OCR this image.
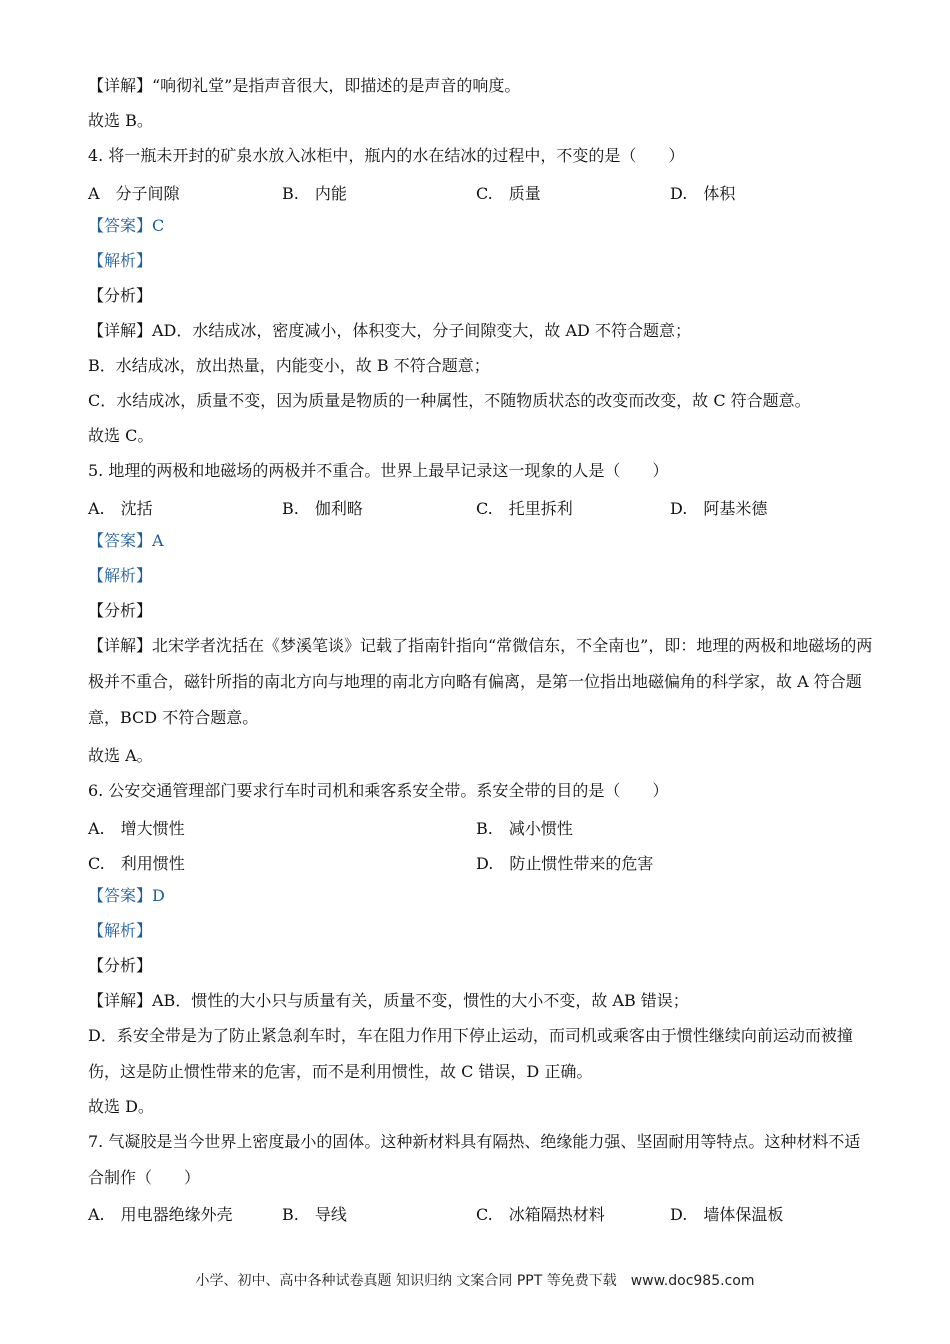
【详解】“响彻礼堂”是指声音很大，即描述的是声音的响度。
故选 B。
4. 将一瓶未开封的矿泉水放入冰柜中，瓶内的水在结冰的过程中，不变的是（　　）
A　分子间隙	B.　内能	C.　质量	D.　体积
【答案】C
【解析】
【分析】
【详解】AD．水结成冰，密度减小，体积变大，分子间隙变大，故 AD 不符合题意；
B．水结成冰，放出热量，内能变小，故 B 不符合题意；
C．水结成冰，质量不变，因为质量是物质的一种属性，不随物质状态的改变而改变，故 C 符合题意。
故选 C。
5. 地理的两极和地磁场的两极并不重合。世界上最早记录这一现象的人是（　　）
A.　沈括	B.　伽利略	C.　托里拆利	D.　阿基米德
【答案】A
【解析】
【分析】
【详解】北宋学者沈括在《梦溪笔谈》记载了指南针指向“常微信东，不全南也”，即：地理的两极和地磁场的两极并不重合，磁针所指的南北方向与地理的南北方向略有偏离，是第一位指出地磁偏角的科学家，故 A 符合题意，BCD 不符合题意。
故选 A。
6. 公安交通管理部门要求行车时司机和乘客系安全带。系安全带的目的是（　　）
A.　增大惯性	B.　减小惯性
C.　利用惯性	D.　防止惯性带来的危害
【答案】D
【解析】
【分析】
【详解】AB．惯性的大小只与质量有关，质量不变，惯性的大小不变，故 AB 错误；
D．系安全带是为了防止紧急刹车时，车在阻力作用下停止运动，而司机或乘客由于惯性继续向前运动而被撞伤，这是防止惯性带来的危害，而不是利用惯性，故 C 错误，D 正确。
故选 D。
7. 气凝胶是当今世界上密度最小的固体。这种新材料具有隔热、绝缘能力强、坚固耐用等特点。这种材料不适合制作（　　）
A.　用电器绝缘外壳	B.　导线	C.　冰箱隔热材料	D.　墙体保温板
小学、初中、高中各种试卷真题 知识归纳 文案合同 PPT 等免费下载　www.doc985.com
